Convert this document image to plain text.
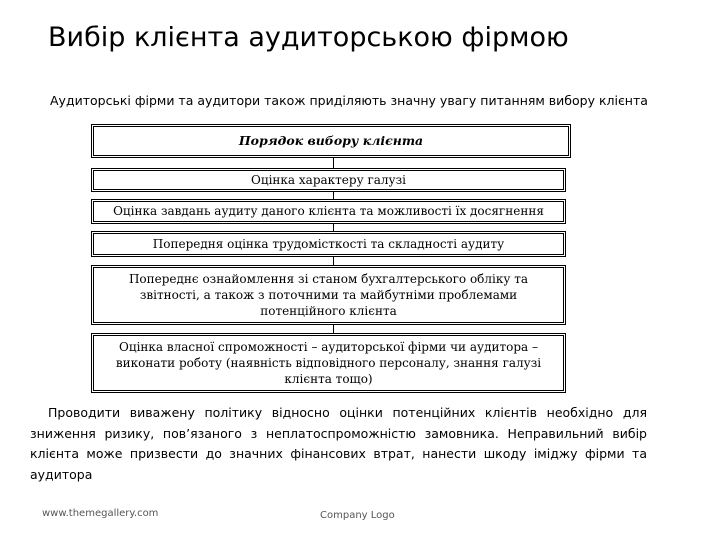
Вибір клієнта аудиторською фірмою

Аудиторські фірми та аудитори також приділяють значну увагу питанням вибору клієнта

Порядок вибору клієнта
Оцінка характеру галузі
Оцінка завдань аудиту даного клієнта та можливості їх досягнення
Попередня оцінка трудомісткості та складності аудиту
Попереднє ознайомлення зі станом бухгалтерського обліку та звітності, а також з поточними та майбутніми проблемами потенційного клієнта
Оцінка власної спроможності – аудиторської фірми чи аудитора – виконати роботу (наявність відповідного персоналу, знання галузі клієнта тощо)

Проводити виважену політику відносно оцінки потенційних клієнтів необхідно для зниження ризику, пов’язаного з неплатоспроможністю замовника. Неправильний вибір клієнта може призвести до значних фінансових втрат, нанести шкоду іміджу фірми та аудитора

www.themegallery.com	Company Logo
